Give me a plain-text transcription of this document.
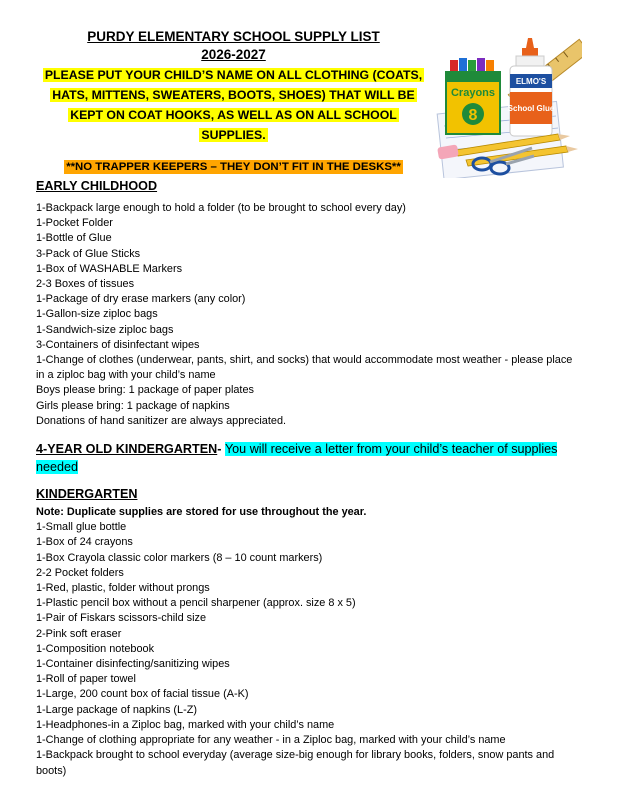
PURDY ELEMENTARY SCHOOL SUPPLY LIST
2026-2027
PLEASE PUT YOUR CHILD’S NAME ON ALL CLOTHING (COATS, HATS, MITTENS, SWEATERS, BOOTS, SHOES) THAT WILL BE KEPT ON COAT HOOKS, AS WELL AS ON ALL SCHOOL SUPPLIES.
**NO TRAPPER KEEPERS – THEY DON’T FIT IN THE DESKS**
Crayons
8
ELMO'S
School Glue
EARLY CHILDHOOD
1-Backpack large enough to hold a folder (to be brought to school every day)
1-Pocket Folder
1-Bottle of Glue
3-Pack of Glue Sticks
1-Box of WASHABLE Markers
2-3 Boxes of tissues
1-Package of dry erase markers (any color)
1-Gallon-size ziploc bags
1-Sandwich-size ziploc bags
3-Containers of disinfectant wipes
1-Change of clothes (underwear, pants, shirt, and socks) that would accommodate most weather - please place in a ziploc bag with your child’s name
Boys please bring: 1 package of paper plates
Girls please bring: 1 package of napkins
Donations of hand sanitizer are always appreciated.
4-YEAR OLD KINDERGARTEN- You will receive a letter from your child’s teacher of supplies needed
KINDERGARTEN
Note: Duplicate supplies are stored for use throughout the year.
1-Small glue bottle
1-Box of 24 crayons
1-Box Crayola classic color markers (8 – 10 count markers)
2-2 Pocket folders
1-Red, plastic, folder without prongs
1-Plastic pencil box without a pencil sharpener (approx. size 8 x 5)
1-Pair of Fiskars scissors-child size
2-Pink soft eraser
1-Composition notebook
1-Container disinfecting/sanitizing wipes
1-Roll of paper towel
1-Large, 200 count box of facial tissue (A-K)
1-Large package of napkins (L-Z)
1-Headphones-in a Ziploc bag, marked with your child’s name
1-Change of clothing appropriate for any weather - in a Ziploc bag, marked with your child’s name
1-Backpack brought to school everyday (average size-big enough for library books, folders, snow pants and boots)
